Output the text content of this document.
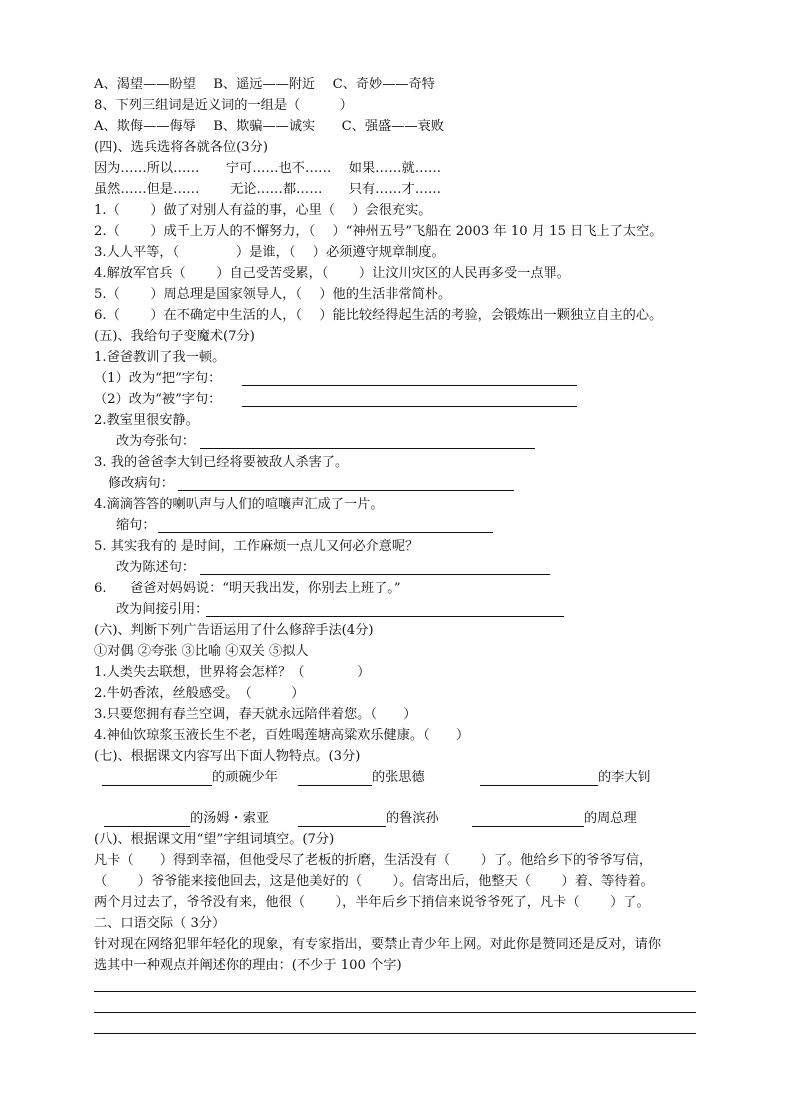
A、渴望——盼望　 B、遥远——附近　 C、奇妙——奇特
8、下列三组词是近义词的一组是（　　　）
A、欺侮——侮辱　 B、欺骗——诚实　　C、强盛——衰败
(四)、选兵选将各就各位(3分)
因为……所以……　　宁可……也不……　 如果……就……
虽然……但是……　　 无论……都……　　只有……才……
1.（　　 ）做了对别人有益的事，心里（　 ）会很充实。
2.（　　 ）成千上万人的不懈努力，（　 ）“神州五号”飞船在 2003 年 10 月 15 日飞上了太空。
3.人人平等，（　　　　 ）是谁，（　 ）必须遵守规章制度。
4.解放军官兵（　　 ）自己受苦受累，（　　 ）让汶川灾区的人民再多受一点罪。
5.（　　 ）周总理是国家领导人，（　 ）他的生活非常简朴。
6.（　　 ）在不确定中生活的人，（　 ）能比较经得起生活的考验，会锻炼出一颗独立自主的心。
(五)、我给句子变魔术(7分)
1.爸爸教训了我一顿。
（1）改为“把”字句：
（2）改为“被”字句：
2.教室里很安静。
改为夸张句：
3. 我的爸爸李大钊已经将要被敌人杀害了。
修改病句：
4.滴滴答答的喇叭声与人们的喧嚷声汇成了一片。
缩句：
5. 其实我有的 是时间，工作麻烦一点儿又何必介意呢？
改为陈述句：
6. 爸爸对妈妈说：“明天我出发，你别去上班了。”
改为间接引用：
(六)、判断下列广告语运用了什么修辞手法(4分)
①对偶 ②夸张 ③比喻 ④双关 ⑤拟人
1.人类失去联想，世界将会怎样？（　　　　）
2.牛奶香浓，丝般感受。　（　　　）
3.只要您拥有春兰空调，春天就永远陪伴着您。（　　）
4.神仙饮琼浆玉液长生不老，百姓喝莲塘高粱欢乐健康。（　　）
(七)、根据课文内容写出下面人物特点。(3分)
的顽碗少年	的张思德	的李大钊
的汤姆・索亚	的鲁滨孙	的周总理
(八)、根据课文用“望”字组词填空。(7分)
凡卡（　　）得到幸福，但他受尽了老板的折磨，生活没有（　　 ）了。他给乡下的爷爷写信，
（　　 ）爷爷能来接他回去，这是他美好的（　　 ）。信寄出后，他整天（　　 ）着、等待着。
两个月过去了，爷爷没有来，他很（　　 ），半年后乡下捎信来说爷爷死了，凡卡（　　 ）了。
二、口语交际（ 3分）
针对现在网络犯罪年轻化的现象，有专家指出，要禁止青少年上网。对此你是赞同还是反对，请你
选其中一种观点并阐述你的理由：(不少于 100 个字)
